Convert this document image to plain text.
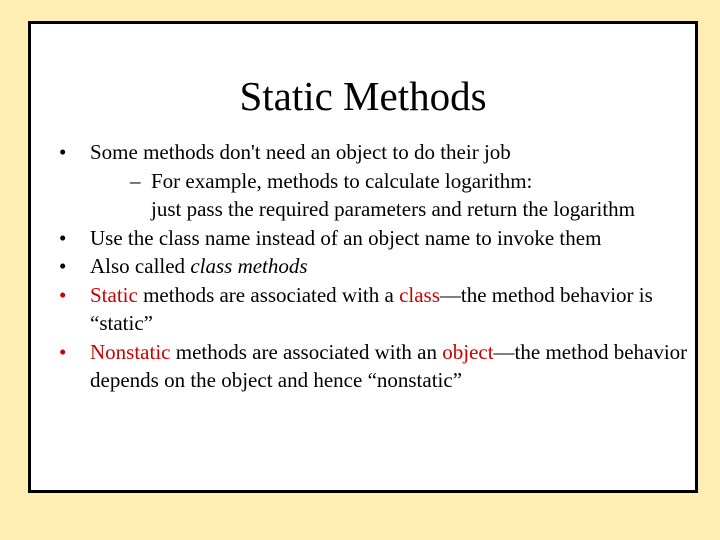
Static Methods
• Some methods don't need an object to do their job
– For example, methods to calculate logarithm:
just pass the required parameters and return the logarithm
• Use the class name instead of an object name to invoke them
• Also called class methods
• Static methods are associated with a class—the method behavior is “static”
• Nonstatic methods are associated with an object—the method behavior depends on the object and hence “nonstatic”
